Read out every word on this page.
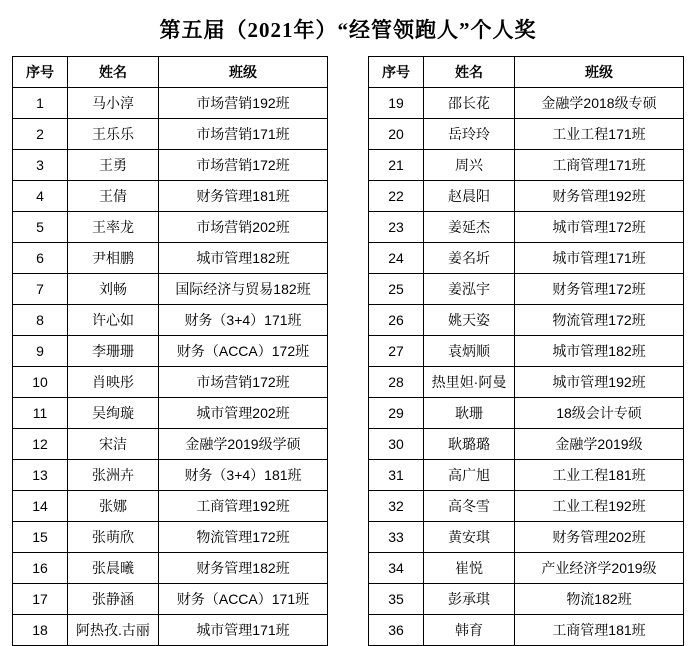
第五届（2021年）“经管领跑人”个人奖
序号	姓名	班级
1	马小淳	市场营销192班
2	王乐乐	市场营销171班
3	王勇	市场营销172班
4	王倩	财务管理181班
5	王率龙	市场营销202班
6	尹相鹏	城市管理182班
7	刘畅	国际经济与贸易182班
8	许心如	财务（3+4）171班
9	李珊珊	财务（ACCA）172班
10	肖映彤	市场营销172班
11	吴绚璇	城市管理202班
12	宋洁	金融学2019级学硕
13	张洲卉	财务（3+4）181班
14	张娜	工商管理192班
15	张萌欣	物流管理172班
16	张晨曦	财务管理182班
17	张静涵	财务（ACCA）171班
18	阿热孜.古丽	城市管理171班
序号	姓名	班级
19	邵长花	金融学2018级专硕
20	岳玲玲	工业工程171班
21	周兴	工商管理171班
22	赵晨阳	财务管理192班
23	姜延杰	城市管理172班
24	姜名圻	城市管理171班
25	姜泓宇	财务管理172班
26	姚天姿	物流管理172班
27	袁炳顺	城市管理182班
28	热里妲·阿曼	城市管理192班
29	耿珊	18级会计专硕
30	耿璐璐	金融学2019级
31	高广旭	工业工程181班
32	高冬雪	工业工程192班
33	黄安琪	财务管理202班
34	崔悦	产业经济学2019级
35	彭承琪	物流182班
36	韩育	工商管理181班
